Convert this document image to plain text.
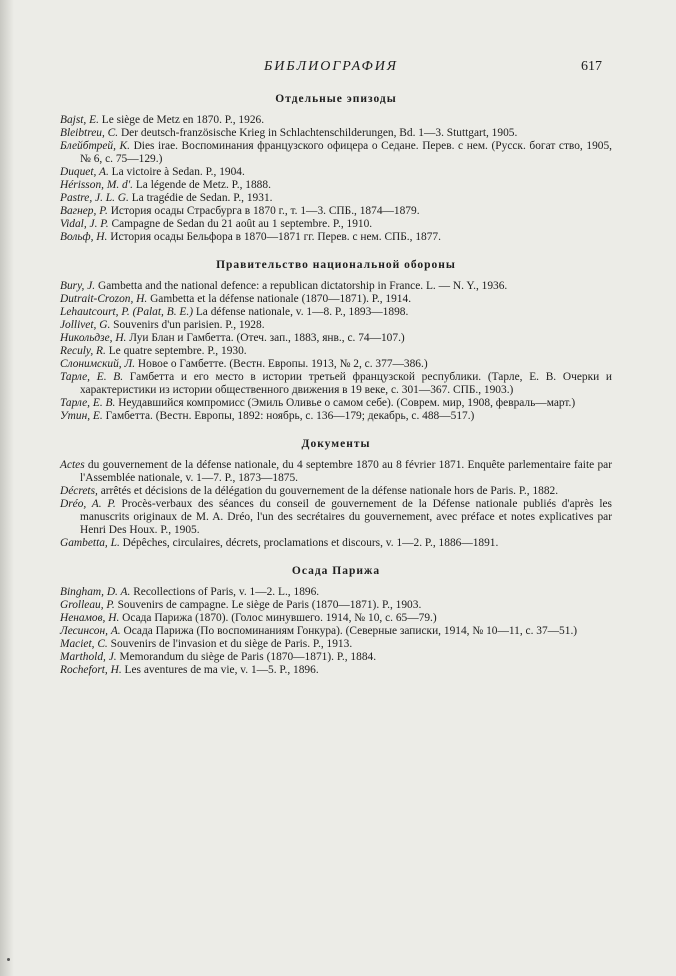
БИБЛИОГРАФИЯ	617
Отдельные эпизоды
Bajst, E. Le siège de Metz en 1870. P., 1926.
Bleibtreu, C. Der deutsch-französische Krieg in Schlachtenschilderungen, Bd. 1—3. Stuttgart, 1905.
Блейбтрей, К. Dies irae. Воспоминания французского офицера о Седане. Перев. с нем. (Русск. богат ство, 1905, № 6, с. 75—129.)
Duquet, A. La victoire à Sedan. P., 1904.
Hérisson, M. d'. La légende de Metz. P., 1888.
Pastre, J. L. G. La tragédie de Sedan. P., 1931.
Вагнер, Р. История осады Страсбурга в 1870 г., т. 1—3. СПБ., 1874—1879.
Vidal, J. P. Campagne de Sedan du 21 août au 1 septembre. P., 1910.
Вольф, Н. История осады Бельфора в 1870—1871 гг. Перев. с нем. СПБ., 1877.
Правительство национальной обороны
Bury, J. Gambetta and the national defence: a republican dictatorship in France. L. — N. Y., 1936.
Dutrait-Crozon, H. Gambetta et la défense nationale (1870—1871). P., 1914.
Lehautcourt, P. (Palat, B. E.) La défense nationale, v. 1—8. P., 1893—1898.
Jollivet, G. Souvenirs d'un parisien. P., 1928.
Никольдзе, Н. Луи Блан и Гамбетта. (Отеч. зап., 1883, янв., с. 74—107.)
Reculy, R. Le quatre septembre. P., 1930.
Слонимский, Л. Новое о Гамбетте. (Вестн. Европы. 1913, № 2, с. 377—386.)
Тарле, Е. В. Гамбетта и его место в истории третьей французской республики. (Тарле, Е. В. Очерки и характеристики из истории общественного движения в 19 веке, с. 301—367. СПБ., 1903.)
Тарле, Е. В. Неудавшийся компромисс (Эмиль Оливье о самом себе). (Соврем. мир, 1908, февраль—март.)
Утин, Е. Гамбетта. (Вестн. Европы, 1892: ноябрь, с. 136—179; декабрь, с. 488—517.)
Документы
Actes du gouvernement de la défense nationale, du 4 septembre 1870 au 8 février 1871. Enquête parlementaire faite par l'Assemblée nationale, v. 1—7. P., 1873—1875.
Décrets, arrêtés et décisions de la délégation du gouvernement de la défense nationale hors de Paris. P., 1882.
Dréo, A. P. Procès-verbaux des séances du conseil de gouvernement de la Défense nationale publiés d'après les manuscrits originaux de M. A. Dréo, l'un des secrétaires du gouvernement, avec préface et notes explicatives par Henri Des Houx. P., 1905.
Gambetta, L. Dépêches, circulaires, décrets, proclamations et discours, v. 1—2. P., 1886—1891.
Осада Парижа
Bingham, D. A. Recollections of Paris, v. 1—2. L., 1896.
Grolleau, P. Souvenirs de campagne. Le siège de Paris (1870—1871). P., 1903.
Ненамов, Н. Осада Парижа (1870). (Голос минувшего. 1914, № 10, с. 65—79.)
Лесинсон, А. Осада Парижа (По воспоминаниям Гонкура). (Северные записки, 1914, № 10—11, с. 37—51.)
Maciet, C. Souvenirs de l'invasion et du siège de Paris. P., 1913.
Marthold, J. Memorandum du siège de Paris (1870—1871). P., 1884.
Rochefort, H. Les aventures de ma vie, v. 1—5. P., 1896.
